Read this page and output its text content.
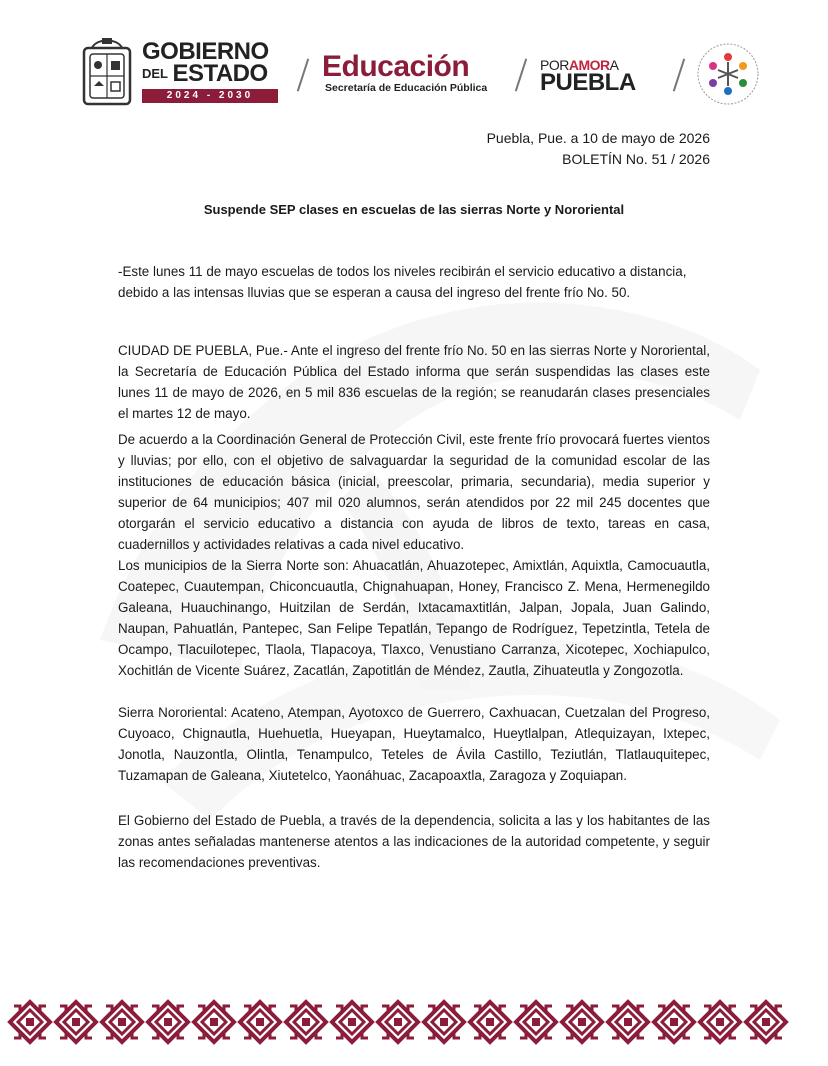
GOBIERNO
DEL ESTADO
2024 - 2030
Educación
Secretaría de Educación Pública
PORAMORA
PUEBLA
Puebla, Pue. a 10 de mayo de 2026
BOLETÍN No. 51 / 2026
Suspende SEP clases en escuelas de las sierras Norte y Nororiental

-Este lunes 11 de mayo escuelas de todos los niveles recibirán el servicio educativo a distancia, debido a las intensas lluvias que se esperan a causa del ingreso del frente frío No. 50.

CIUDAD DE PUEBLA, Pue.- Ante el ingreso del frente frío No. 50 en las sierras Norte y Nororiental, la Secretaría de Educación Pública del Estado informa que serán suspendidas las clases este lunes 11 de mayo de 2026, en 5 mil 836 escuelas de la región; se reanudarán clases presenciales el martes 12 de mayo.

De acuerdo a la Coordinación General de Protección Civil, este frente frío provocará fuertes vientos y lluvias; por ello, con el objetivo de salvaguardar la seguridad de la comunidad escolar de las instituciones de educación básica (inicial, preescolar, primaria, secundaria), media superior y superior de 64 municipios; 407 mil 020 alumnos, serán atendidos por 22 mil 245 docentes que otorgarán el servicio educativo a distancia con ayuda de libros de texto, tareas en casa, cuadernillos y actividades relativas a cada nivel educativo.

Los municipios de la Sierra Norte son: Ahuacatlán, Ahuazotepec, Amixtlán, Aquixtla, Camocuautla, Coatepec, Cuautempan, Chiconcuautla, Chignahuapan, Honey, Francisco Z. Mena, Hermenegildo Galeana, Huauchinango, Huitzilan de Serdán, Ixtacamaxtitlán, Jalpan, Jopala, Juan Galindo, Naupan, Pahuatlán, Pantepec, San Felipe Tepatlán, Tepango de Rodríguez, Tepetzintla, Tetela de Ocampo, Tlacuilotepec, Tlaola, Tlapacoya, Tlaxco, Venustiano Carranza, Xicotepec, Xochiapulco, Xochitlán de Vicente Suárez, Zacatlán, Zapotitlán de Méndez, Zautla, Zihuateutla y Zongozotla.

Sierra Nororiental: Acateno, Atempan, Ayotoxco de Guerrero, Caxhuacan, Cuetzalan del Progreso, Cuyoaco, Chignautla, Huehuetla, Hueyapan, Hueytamalco, Hueytlalpan, Atlequizayan, Ixtepec, Jonotla, Nauzontla, Olintla, Tenampulco, Teteles de Ávila Castillo, Teziutlán, Tlatlauquitepec, Tuzamapan de Galeana, Xiutetelco, Yaonáhuac, Zacapoaxtla, Zaragoza y Zoquiapan.

El Gobierno del Estado de Puebla, a través de la dependencia, solicita a las y los habitantes de las zonas antes señaladas mantenerse atentos a las indicaciones de la autoridad competente, y seguir las recomendaciones preventivas.
